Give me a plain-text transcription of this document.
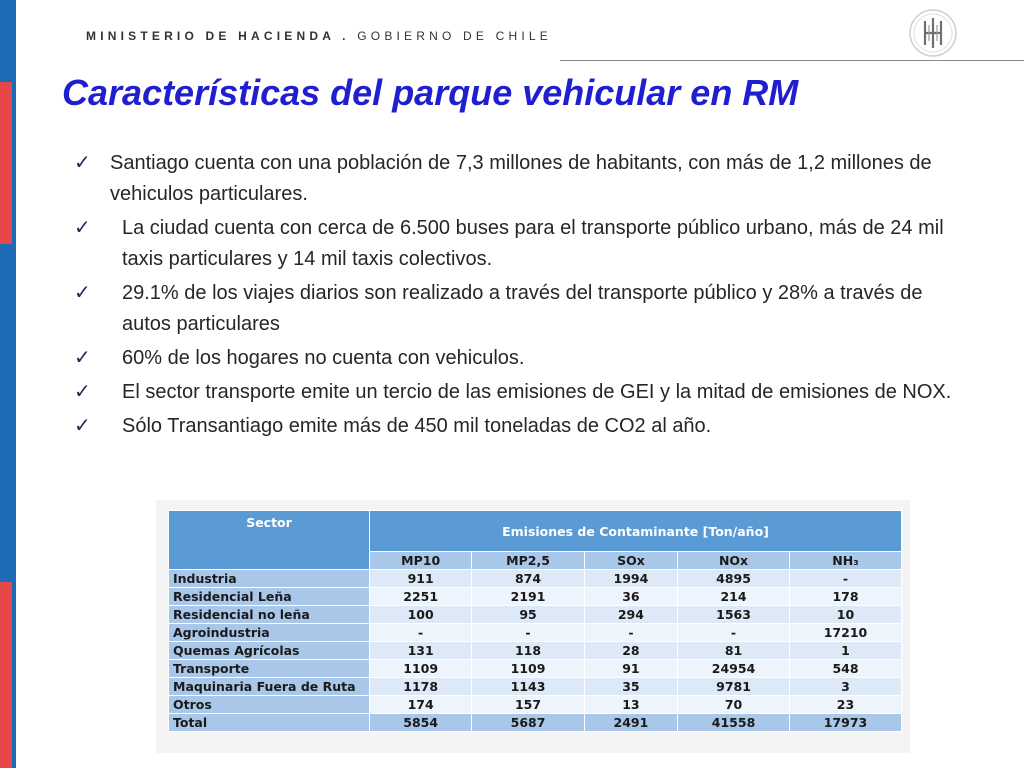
MINISTERIO DE HACIENDA . GOBIERNO DE CHILE
Características del parque vehicular en RM
✓ Santiago cuenta con una población de 7,3 millones de habitants, con más de 1,2 millones de vehiculos particulares.
✓ La ciudad cuenta con cerca de 6.500 buses para el transporte público urbano, más de 24 mil taxis particulares y 14 mil taxis colectivos.
✓ 29.1% de los viajes diarios son realizado a través del transporte público y 28% a través de autos particulares
✓ 60% de los hogares no cuenta con vehiculos.
✓ El sector transporte emite un tercio de las emisiones de GEI y la mitad de emisiones de NOX.
✓ Sólo Transantiago emite más de 450 mil toneladas de CO2 al año.
Sector	Emisiones de Contaminante [Ton/año]				
	MP10	MP2,5	SOx	NOx	NH₃
Industria	911	874	1994	4895	-
Residencial Leña	2251	2191	36	214	178
Residencial no leña	100	95	294	1563	10
Agroindustria	-	-	-	-	17210
Quemas Agrícolas	131	118	28	81	1
Transporte	1109	1109	91	24954	548
Maquinaria Fuera de Ruta	1178	1143	35	9781	3
Otros	174	157	13	70	23
Total	5854	5687	2491	41558	17973
